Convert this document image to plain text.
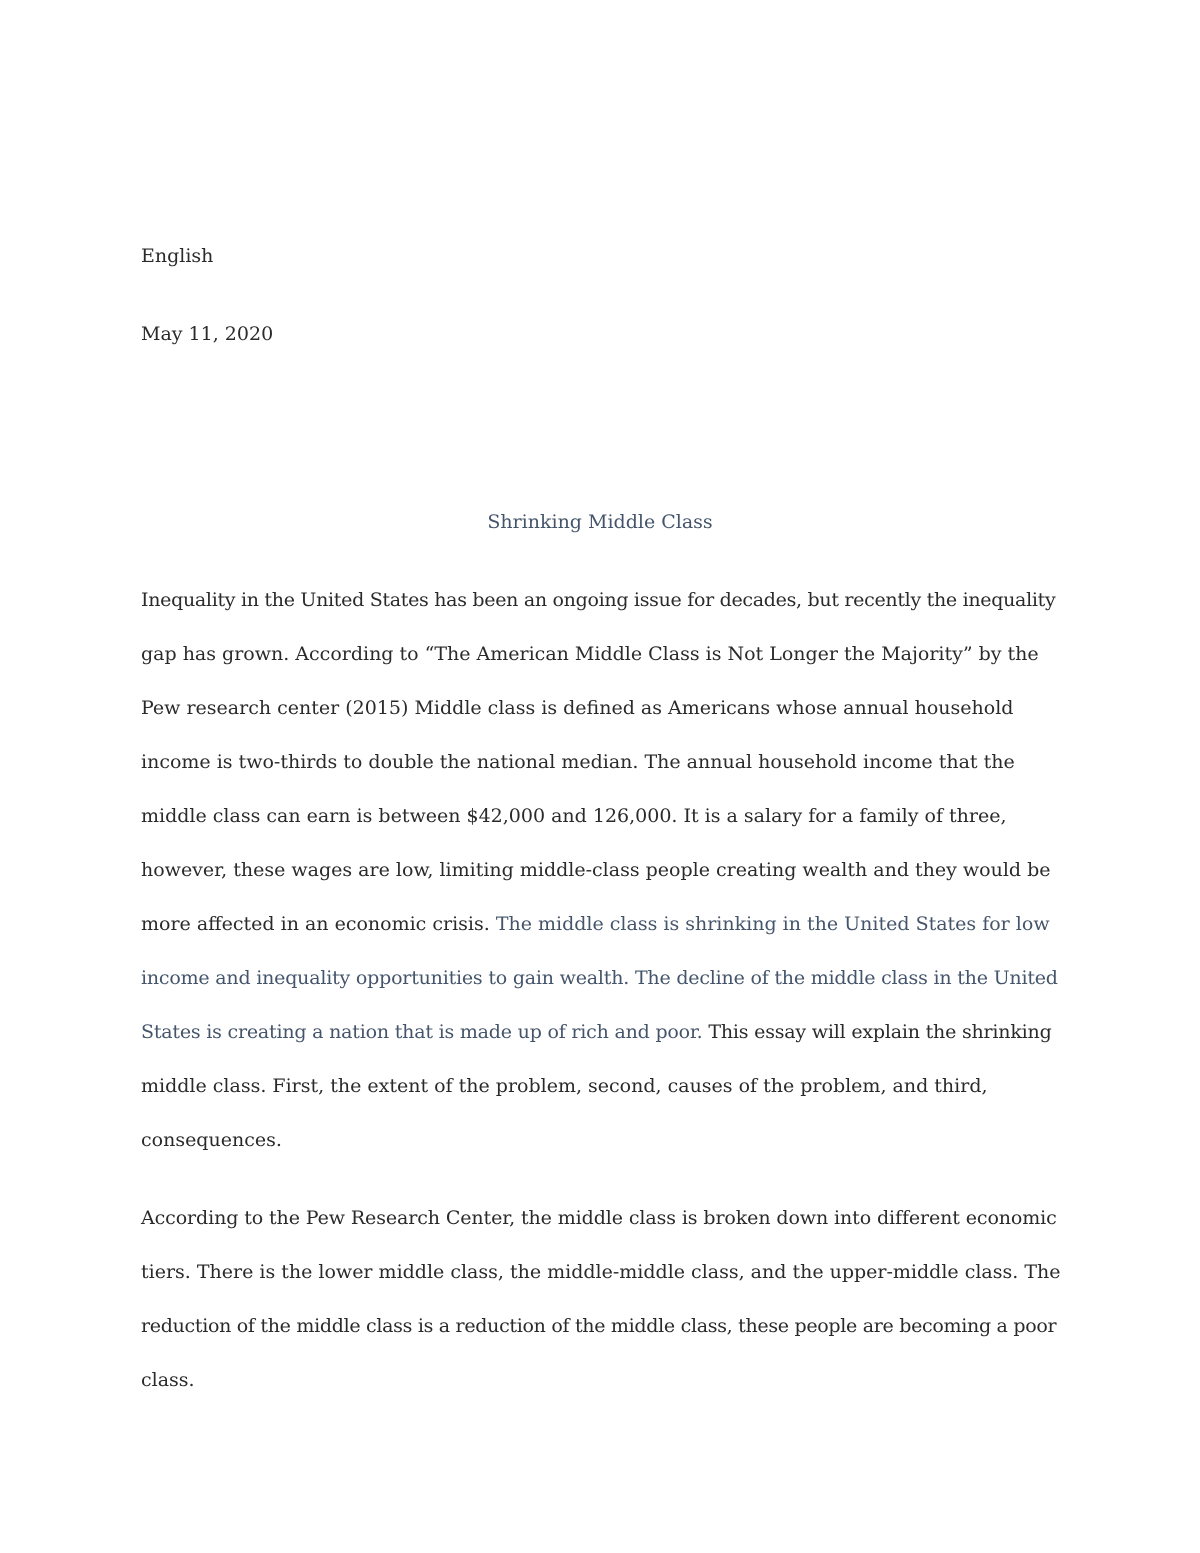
English

May 11, 2020

Shrinking Middle Class

Inequality in the United States has been an ongoing issue for decades, but recently the inequality

gap has grown. According to “The American Middle Class is Not Longer the Majority” by the

Pew research center (2015) Middle class is defined as Americans whose annual household

income is two-thirds to double the national median. The annual household income that the

middle class can earn is between $42,000 and 126,000. It is a salary for a family of three,

however, these wages are low, limiting middle-class people creating wealth and they would be

more affected in an economic crisis. The middle class is shrinking in the United States for low

income and inequality opportunities to gain wealth. The decline of the middle class in the United

States is creating a nation that is made up of rich and poor. This essay will explain the shrinking

middle class. First, the extent of the problem, second, causes of the problem, and third,

consequences.

According to the Pew Research Center, the middle class is broken down into different economic

tiers. There is the lower middle class, the middle-middle class, and the upper-middle class. The

reduction of the middle class is a reduction of the middle class, these people are becoming a poor

class.
